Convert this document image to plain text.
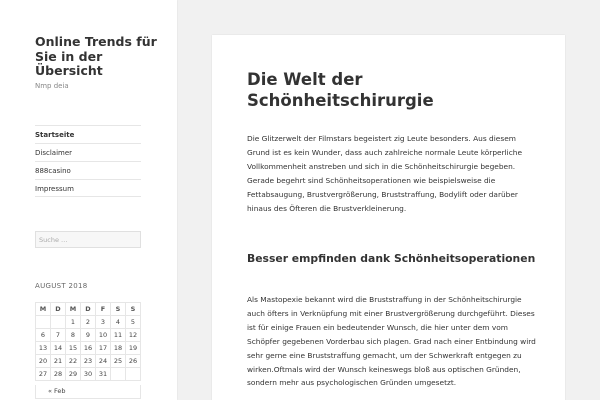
Online Trends für Sie in der Übersicht
Nmp deia
Startseite
Disclaimer
888casino
Impressum
Suche …
AUGUST 2018
M	D	M	D	F	S	S
		1	2	3	4	5
6	7	8	9	10	11	12
13	14	15	16	17	18	19
20	21	22	23	24	25	26
27	28	29	30	31		
« Feb
Die Welt der Schönheitschirurgie

Die Glitzerwelt der Filmstars begeistert zig Leute besonders. Aus diesem Grund ist es kein Wunder, dass auch zahlreiche normale Leute körperliche Vollkommenheit anstreben und sich in die Schönheitschirurgie begeben. Gerade begehrt sind Schönheitsoperationen wie beispielsweise die Fettabsaugung, Brustvergrößerung, Bruststraffung, Bodylift oder darüber hinaus des Öfteren die Brustverkleinerung.

Besser empfinden dank Schönheitsoperationen

Als Mastopexie bekannt wird die Bruststraffung in der Schönheitschirurgie auch öfters in Verknüpfung mit einer Brustvergrößerung durchgeführt. Dieses ist für einige Frauen ein bedeutender Wunsch, die hier unter dem vom Schöpfer gegebenen Vorderbau sich plagen. Grad nach einer Entbindung wird sehr gerne eine Bruststraffung gemacht, um der Schwerkraft entgegen zu wirken.Oftmals wird der Wunsch keineswegs bloß aus optischen Gründen, sondern mehr aus psychologischen Gründen umgesetzt.
